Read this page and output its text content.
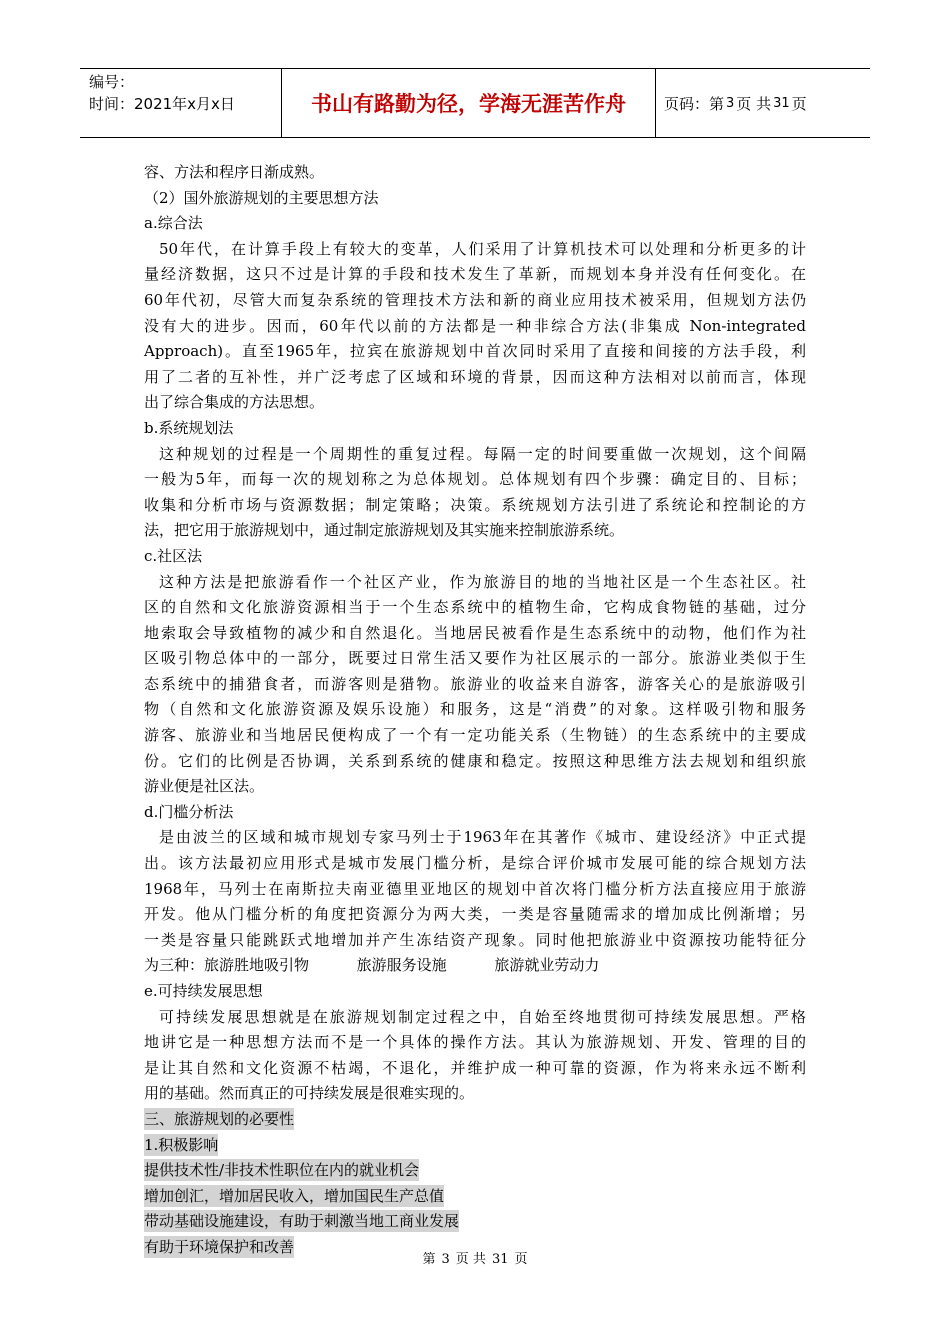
编号：
时间：2021年x月x日	书山有路勤为径，学海无涯苦作舟	页码：第 3 页 共 31 页
容、方法和程序日渐成熟。
（2）国外旅游规划的主要思想方法
a.综合法
50年代，在计算手段上有较大的变革，人们采用了计算机技术可以处理和分析更多的计
量经济数据，这只不过是计算的手段和技术发生了革新，而规划本身并没有任何变化。在
60年代初，尽管大而复杂系统的管理技术方法和新的商业应用技术被采用，但规划方法仍
没有大的进步。因而，60年代以前的方法都是一种非综合方法(非集成 Non-integrated
Approach)。直至1965年，拉宾在旅游规划中首次同时采用了直接和间接的方法手段，利
用了二者的互补性，并广泛考虑了区域和环境的背景，因而这种方法相对以前而言，体现
出了综合集成的方法思想。
b.系统规划法
这种规划的过程是一个周期性的重复过程。每隔一定的时间要重做一次规划，这个间隔
一般为5年，而每一次的规划称之为总体规划。总体规划有四个步骤：确定目的、目标；
收集和分析市场与资源数据；制定策略；决策。系统规划方法引进了系统论和控制论的方
法，把它用于旅游规划中，通过制定旅游规划及其实施来控制旅游系统。
c.社区法
这种方法是把旅游看作一个社区产业，作为旅游目的地的当地社区是一个生态社区。社
区的自然和文化旅游资源相当于一个生态系统中的植物生命，它构成食物链的基础，过分
地索取会导致植物的减少和自然退化。当地居民被看作是生态系统中的动物，他们作为社
区吸引物总体中的一部分，既要过日常生活又要作为社区展示的一部分。旅游业类似于生
态系统中的捕猎食者，而游客则是猎物。旅游业的收益来自游客，游客关心的是旅游吸引
物（自然和文化旅游资源及娱乐设施）和服务，这是“消费”的对象。这样吸引物和服务
游客、旅游业和当地居民便构成了一个有一定功能关系（生物链）的生态系统中的主要成
份。它们的比例是否协调，关系到系统的健康和稳定。按照这种思维方法去规划和组织旅
游业便是社区法。
d.门槛分析法
是由波兰的区域和城市规划专家马列士于1963年在其著作《城市、建设经济》中正式提
出。该方法最初应用形式是城市发展门槛分析，是综合评价城市发展可能的综合规划方法
1968年，马列士在南斯拉夫南亚德里亚地区的规划中首次将门槛分析方法直接应用于旅游
开发。他从门槛分析的角度把资源分为两大类，一类是容量随需求的增加成比例渐增；另
一类是容量只能跳跃式地增加并产生冻结资产现象。同时他把旅游业中资源按功能特征分
为三种：旅游胜地吸引物          旅游服务设施          旅游就业劳动力
e.可持续发展思想
可持续发展思想就是在旅游规划制定过程之中，自始至终地贯彻可持续发展思想。严格
地讲它是一种思想方法而不是一个具体的操作方法。其认为旅游规划、开发、管理的目的
是让其自然和文化资源不枯竭，不退化，并维护成一种可靠的资源，作为将来永远不断利
用的基础。然而真正的可持续发展是很难实现的。
三、旅游规划的必要性
1.积极影响
提供技术性/非技术性职位在内的就业机会
增加创汇，增加居民收入，增加国民生产总值
带动基础设施建设，有助于刺激当地工商业发展
有助于环境保护和改善
第 3 页 共 31 页
